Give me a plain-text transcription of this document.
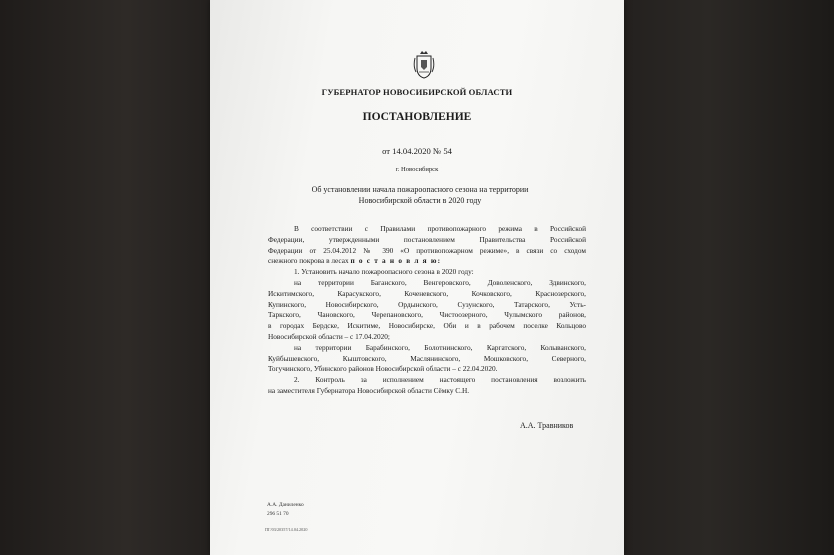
ГУБЕРНАТОР НОВОСИБИРСКОЙ ОБЛАСТИ
ПОСТАНОВЛЕНИЕ
от 14.04.2020 № 54
г. Новосибирск
Об установлении начала пожароопасного сезона на территории
Новосибирской области в 2020 году
В соответствии с Правилами противопожарного режима в Российской
Федерации, утвержденными постановлением Правительства Российской
Федерации от 25.04.2012 № 390 «О противопожарном режиме», в связи со сходом
снежного покрова в лесах п о с т а н о в л я ю:
1. Установить начало пожароопасного сезона в 2020 году:
на территории Баганского, Венгеровского, Доволенского, Здвинского,
Искитимского, Карасукского, Коченевского, Кочковского, Краснозерского,
Купинского, Новосибирского, Ордынского, Сузунского, Татарского, Усть-
Таркского, Чановского, Черепановского, Чистоозерного, Чулымского районов,
в городах Бердске, Искитиме, Новосибирске, Оби и в рабочем поселке Кольцово
Новосибирской области – с 17.04.2020;
на территории Барабинского, Болотнинского, Каргатского, Колыванского,
Куйбышевского, Кыштовского, Маслянинского, Мошковского, Северного,
Тогучинского, Убинского районов Новосибирской области – с 22.04.2020.
2. Контроль за исполнением настоящего постановления возложить
на заместителя Губернатора Новосибирской области Сёмку С.Н.
А.А. Травников
А.А. Даниленко
296 51 70
ПГ/03/20357/14.04.2020
